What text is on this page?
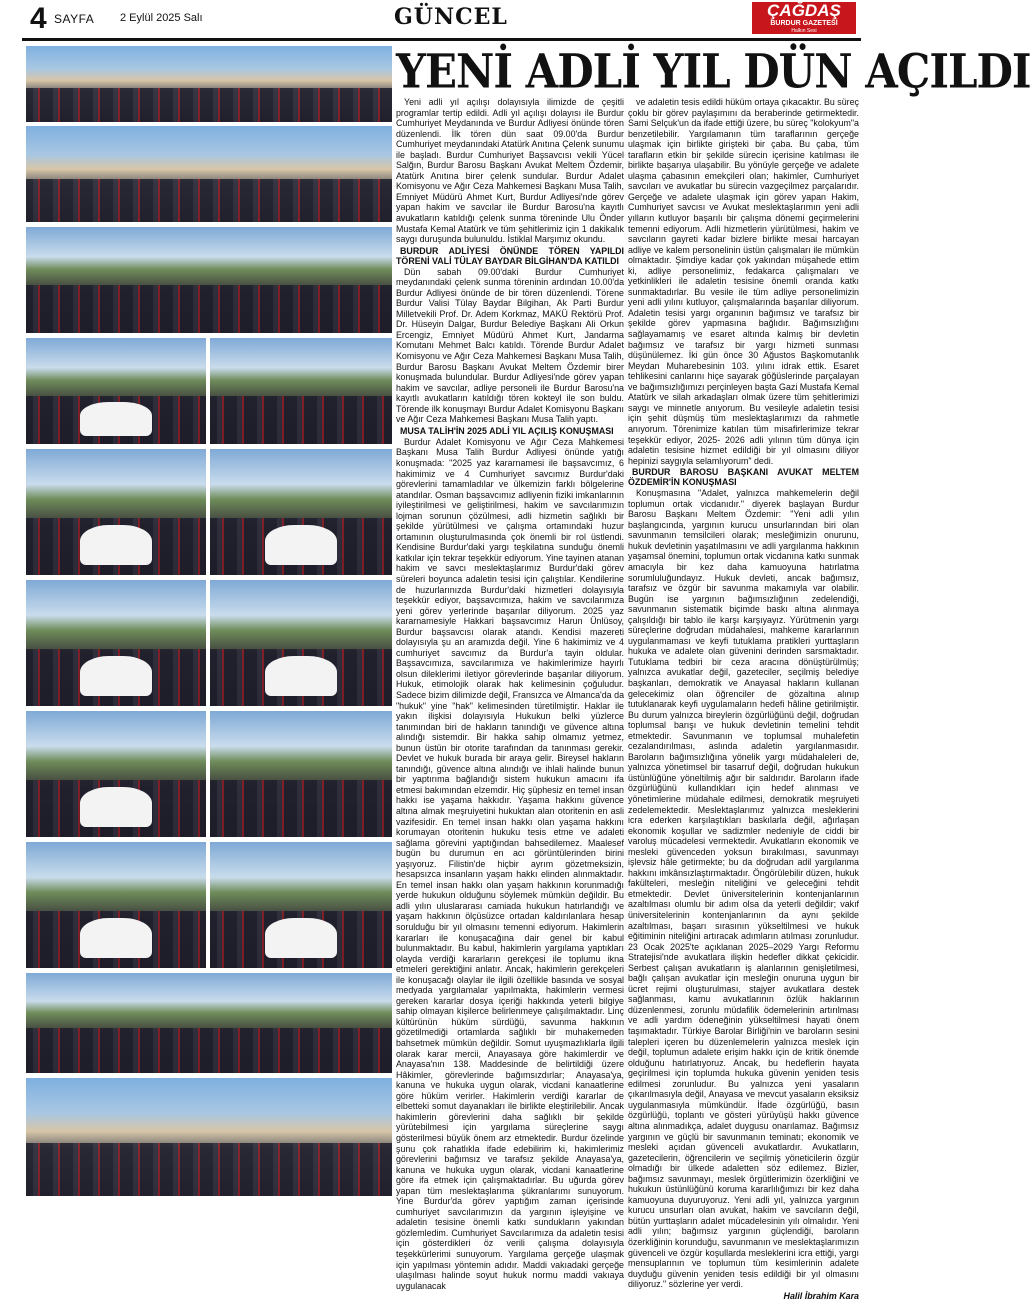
4 SAYFA 2 Eylül 2025 Salı	GÜNCEL	ÇAĞDAŞ
BURDUR GAZETESİ
Halkın Sesi
YENİ ADLİ YIL DÜN AÇILDI

Yeni adli yıl açılışı dolayısıyla ilimizde de çeşitli programlar tertip edildi. Adli yıl açılışı dolayısı ile Burdur Cumhuriyet Meydanında ve Burdur Adliyesi önünde tören düzenlendi. İlk tören dün saat 09.00'da Burdur Cumhuriyet meydanındaki Atatürk Anıtına Çelenk sunumu ile başladı. Burdur Cumhuriyet Başsavcısı vekili Yücel Salğın, Burdur Barosu Başkanı Avukat Meltem Özdemir, Atatürk Anıtına birer çelenk sundular. Burdur Adalet Komisyonu ve Ağır Ceza Mahkemesi Başkanı Musa Talih, Emniyet Müdürü Ahmet Kurt, Burdur Adliyesi'nde görev yapan hakim ve savcılar ile Burdur Barosu'na kayıtlı avukatların katıldığı çelenk sunma töreninde Ulu Önder Mustafa Kemal Atatürk ve tüm şehitlerimiz için 1 dakikalık saygı duruşunda bulunuldu. İstiklal Marşımız okundu.

BURDUR ADLİYESİ ÖNÜNDE TÖREN YAPILDI TÖRENİ VALİ TÜLAY BAYDAR BİLGİHAN'DA KATILDI

Dün sabah 09.00'daki Burdur Cumhuriyet meydanındaki çelenk sunma töreninin ardından 10.00'da Burdur Adliyesi önünde de bir tören düzenlendi. Törene Burdur Valisi Tülay Baydar Bilgihan, Ak Parti Burdur Milletvekili Prof. Dr. Adem Korkmaz, MAKÜ Rektörü Prof. Dr. Hüseyin Dalgar, Burdur Belediye Başkanı Ali Orkun Ercengiz, Emniyet Müdürü Ahmet Kurt, Jandarma Komutanı Mehmet Balcı katıldı. Törende Burdur Adalet Komisyonu ve Ağır Ceza Mahkemesi Başkanı Musa Talih, Burdur Barosu Başkanı Avukat Meltem Özdemir birer konuşmada bulundular. Burdur Adliyesi'nde görev yapan hakim ve savcılar, adliye personeli ile Burdur Barosu'na kayıtlı avukatların katıldığı tören kokteyl ile son buldu. Törende ilk konuşmayı Burdur Adalet Komisyonu Başkanı ve Ağır Ceza Mahkemesi Başkanı Musa Talih yaptı.

MUSA TALİH'İN 2025 ADLİ YIL AÇILIŞ KONUŞMASI

Burdur Adalet Komisyonu ve Ağır Ceza Mahkemesi Başkanı Musa Talih Burdur Adliyesi önünde yatığı konuşmada: "2025 yaz kararnamesi ile başsavcımız, 6 hakimimiz ve 4 Cumhuriyet savcımız Burdur'daki görevlerini tamamladılar ve ülkemizin farklı bölgelerine atandılar. Osman başsavcımız adliyenin fiziki imkanlarının iyileştirilmesi ve geliştirilmesi, hakim ve savcılarımızın lojman sorunun çözülmesi, adli hizmetin sağlıklı bir şekilde yürütülmesi ve çalışma ortamındaki huzur ortamının oluşturulmasında çok önemli bir rol üstlendi. Kendisine Burdur'daki yargı teşkilatına sunduğu önemli katkılar için tekrar teşekkür ediyorum. Yine tayinen atanan hakim ve savcı meslektaşlarımız Burdur'daki görev süreleri boyunca adaletin tesisi için çalıştılar. Kendilerine de huzurlarınızda Burdur'daki hizmetleri dolayısıyla teşekkür ediyor, başsavcımıza, hakim ve savcılarımıza yeni görev yerlerinde başarılar diliyorum. 2025 yaz kararnamesiyle Hakkari başsavcımız Harun Ünlüsoy, Burdur başsavcısı olarak atandı. Kendisi mazereti dolayısıyla şu an aramızda değil. Yine 6 hakimimiz ve 4 cumhuriyet savcımız da Burdur'a tayin oldular. Başsavcımıza, savcılarımıza ve hakimlerimize hayırlı olsun dileklerimi iletiyor görevlerinde başarılar diliyorum. Hukuk, etimolojik olarak hak kelimesinin çoğuludur. Sadece bizim dilimizde değil, Fransızca ve Almanca'da da "hukuk" yine "hak" kelimesinden türetilmiştir. Haklar ile yakın ilişkisi dolayısıyla Hukukun belki yüzlerce tanımından biri de hakların tanındığı ve güvence altına alındığı sistemdir. Bir hakka sahip olmamız yetmez, bunun üstün bir otorite tarafından da tanınması gerekir. Devlet ve hukuk burada bir araya gelir. Bireysel hakların tanındığı, güvence altına alındığı ve ihlali halinde bunun bir yaptırıma bağlandığı sistem hukukun amacını ifa etmesi bakımından elzemdir. Hiç şüphesiz en temel insan hakkı ise yaşama hakkıdır. Yaşama hakkını güvence altına almak meşruiyetini hukuktan alan otoritenin en asli vazifesidir. En temel insan hakkı olan yaşama hakkını korumayan otoritenin hukuku tesis etme ve adaleti sağlama görevini yaptığından bahsedilemez. Maalesef bugün bu durumun en acı görüntülerinden birini yaşıyoruz. Filistin'de hiçbir ayrım gözetmeksizin, hesapsızca insanların yaşam hakkı elinden alınmaktadır. En temel insan hakkı olan yaşam hakkının korunmadığı yerde hukukun olduğunu söylemek mümkün değildir. Bu adli yılın uluslararası camiada hukukun hatırlandığı ve yaşam hakkının ölçüsüzce ortadan kaldırılanlara hesap sorulduğu bir yıl olmasını temenni ediyorum. Hakimlerin kararları ile konuşacağına dair genel bir kabul bulunmaktadır. Bu kabul, hakimlerin yargılama yaptıkları olayda verdiği kararların gerekçesi ile toplumu ikna etmeleri gerektiğini anlatır. Ancak, hakimlerin gerekçeleri ile konuşacağı olaylar ile ilgili özellikle basında ve sosyal medyada yargılamalar yapılmakta, hakimlerin vermesi gereken kararlar dosya içeriği hakkında yeterli bilgiye sahip olmayan kişilerce belirlenmeye çalışılmaktadır. Linç kültürünün hüküm sürdüğü, savunma hakkının gözetilmediği ortamlarda sağlıklı bir muhakemeden bahsetmek mümkün değildir. Somut uyuşmazlıklarla ilgili olarak karar mercii, Anayasaya göre hakimlerdir ve Anayasa'nın 138. Maddesinde de belirtildiği üzere Hâkimler, görevlerinde bağımsızdırlar; Anayasa'ya, kanuna ve hukuka uygun olarak, vicdani kanaatlerine göre hüküm verirler. Hakimlerin verdiği kararlar de elbetteki somut dayanakları ile birlikte eleştirilebilir. Ancak hakimlerin görevlerini daha sağlıklı bir şekilde yürütebilmesi için yargılama süreçlerine saygı gösterilmesi büyük önem arz etmektedir. Burdur özelinde şunu çok rahatlıkla ifade edebilirim ki, hakimlerimiz görevlerini bağımsız ve tarafsız şekilde Anayasa'ya, kanuna ve hukuka uygun olarak, vicdani kanaatlerine göre ifa etmek için çalışmaktadırlar. Bu uğurda görev yapan tüm meslektaşlarıma şükranlarımı sunuyorum. Yine Burdur'da görev yaptığım zaman içerisinde cumhuriyet savcılarımızın da yargının işleyişine ve adaletin tesisine önemli katkı sundukların yakından gözlemledim. Cumhuriyet Savcılarımıza da adaletin tesisi için gösterdikleri öz verili çalışma dolayısıyla teşekkürlerimi sunuyorum. Yargılama gerçeğe ulaşmak için yapılması yöntemin adıdır. Maddi vakıadaki gerçeğe ulaşılması halinde soyut hukuk normu maddi vakıaya uygulanacak

ve adaletin tesis edildi hüküm ortaya çıkacaktır. Bu süreç çoklu bir görev paylaşımını da beraberinde getirmektedir. Sami Selçuk'un da ifade ettiği üzere, bu süreç "kolokyum"a benzetilebilir. Yargılamanın tüm taraflarının gerçeğe ulaşmak için birlikte girişteki bir çaba. Bu çaba, tüm tarafların etkin bir şekilde sürecin içerisine katılması ile birlikte başarıya ulaşabilir. Bu yönüyle gerçeğe ve adalete ulaşma çabasının emekçileri olan; hakimler, Cumhuriyet savcıları ve avukatlar bu sürecin vazgeçilmez parçalarıdır. Gerçeğe ve adalete ulaşmak için görev yapan Hakim, Cumhuriyet savcısı ve Avukat meslektaşlarımın yeni adli yılların kutluyor başarılı bir çalışma dönemi geçirmelerini temenni ediyorum. Adli hizmetlerin yürütülmesi, hakim ve savcıların gayreti kadar bizlere birlikte mesai harcayan adliye ve kalem personelinin üstün çalışmaları ile mümkün olmaktadır. Şimdiye kadar çok yakından müşahede ettim ki, adliye personelimiz, fedakarca çalışmaları ve yetkinlikleri ile adaletin tesisine önemli oranda katkı sunmaktadırlar. Bu vesile ile tüm adliye personelimizin yeni adli yılını kutluyor, çalışmalarında başarılar diliyorum. Adaletin tesisi yargı organının bağımsız ve tarafsız bir şekilde görev yapmasına bağlıdır. Bağımsızlığını sağlayamamış ve esaret altında kalmış bir devletin bağımsız ve tarafsız bir yargı hizmeti sunması düşünülemez. İki gün önce 30 Ağustos Başkomutanlık Meydan Muharebesinin 103. yılını idrak ettik. Esaret tehlikesini canlarını hiçe sayarak göğüslerinde parçalayan ve bağımsızlığımızı perçinleyen başta Gazi Mustafa Kemal Atatürk ve silah arkadaşları olmak üzere tüm şehitlerimizi saygı ve minnetle anıyorum. Bu vesileyle adaletin tesisi için şehit düşmüş tüm meslektaşlarımızı da rahmetle anıyorum. Törenimize katılan tüm misafirlerimize tekrar teşekkür ediyor, 2025- 2026 adli yılının tüm dünya için adaletin tesisine hizmet edildiği bir yıl olmasını diliyor hepinizi saygıyla selamlıyorum" dedi.

BURDUR BAROSU BAŞKANI AVUKAT MELTEM ÖZDEMİR'İN KONUŞMASI

Konuşmasına "Adalet, yalnızca mahkemelerin değil toplumun ortak vicdanıdır." diyerek başlayan Burdur Barosu Başkanı Meltem Özdemir: "Yeni adli yılın başlangıcında, yargının kurucu unsurlarından biri olan savunmanın temsilcileri olarak; mesleğimizin onurunu, hukuk devletinin yaşatılmasını ve adli yargılanma hakkının yaşamsal önemini, toplumun ortak vicdanına katkı sunmak amacıyla bir kez daha kamuoyuna hatırlatma sorumluluğundayız. Hukuk devleti, ancak bağımsız, tarafsız ve özgür bir savunma makamıyla var olabilir. Bugün ise yargının bağımsızlığının zedelendiği, savunmanın sistematik biçimde baskı altına alınmaya çalışıldığı bir tablo ile karşı karşıyayız. Yürütmenin yargı süreçlerine doğrudan müdahalesi, mahkeme kararlarının uygulanmaması ve keyfi tutuklama pratikleri yurttaşların hukuka ve adalete olan güvenini derinden sarsmaktadır. Tutuklama tedbiri bir ceza aracına dönüştürülmüş; yalnızca avukatlar değil, gazeteciler, seçilmiş belediye başkanları, demokratik ve Anayasal hakların kullanan gelecekimiz olan öğrenciler de gözaltına alınıp tutuklanarak keyfi uygulamaların hedefi hâline getirilmiştir. Bu durum yalnızca bireylerin özgürlüğünü değil, doğrudan toplumsal barışı ve hukuk devletinin temelini tehdit etmektedir. Savunmanın ve toplumsal muhalefetin cezalandırılması, aslında adaletin yargılanmasıdır. Baroların bağımsızlığına yönelik yargı müdahaleleri de, yalnızca yönetimsel bir tasarruf değil, doğrudan hukukun üstünlüğüne yöneltilmiş ağır bir saldırıdır. Baroların ifade özgürlüğünü kullandıkları için hedef alınması ve yönetimlerine müdahale edilmesi, demokratik meşruiyeti zedelemektedir. Meslektaşlarımız yalnızca mesleklerini icra ederken karşılaştıkları baskılarla değil, ağırlaşan ekonomik koşullar ve sadizmler nedeniyle de ciddi bir varoluş mücadelesi vermektedir. Avukatların ekonomik ve mesleki güvenceden yoksun bırakılması, savunmayı işlevsiz hâle getirmekte; bu da doğrudan adil yargılanma hakkını imkânsızlaştırmaktadır. Öngörülebilir düzen, hukuk fakülteleri, mesleğin niteliğini ve geleceğini tehdit etmektedir. Devlet üniversitelerinin kontenjanlarının azaltılması olumlu bir adım olsa da yeterli değildir; vakıf üniversitelerinin kontenjanlarının da aynı şekilde azaltılması, başarı sırasının yükseltilmesi ve hukuk eğitiminin niteliğini artıracak adımların atılması zorunludur. 23 Ocak 2025'te açıklanan 2025–2029 Yargı Reformu Stratejisi'nde avukatlara ilişkin hedefler dikkat çekicidir. Serbest çalışan avukatların iş alanlarının genişletilmesi, bağlı çalışan avukatlar için mesleğin onuruna uygun bir ücret rejimi oluşturulması, stajyer avukatlara destek sağlanması, kamu avukatlarının özlük haklarının düzenlenmesi, zorunlu müdafilik ödemelerinin artırılması ve adli yardım ödeneğinin yükseltilmesi hayati önem taşımaktadır. Türkiye Barolar Birliği'nin ve baroların sesini talepleri içeren bu düzenlemelerin yalnızca meslek için değil, toplumun adalete erişim hakkı için de kritik önemde olduğunu hatırlatıyoruz. Ancak, bu hedeflerin hayata geçirilmesi için toplumda hukuka güvenin yeniden tesis edilmesi zorunludur. Bu yalnızca yeni yasaların çıkarılmasıyla değil, Anayasa ve mevcut yasaların eksiksiz uygulanmasıyla mümkündür. İfade özgürlüğü, basın özgürlüğü, toplantı ve gösteri yürüyüşü hakkı güvence altına alınmadıkça, adalet duygusu onarılamaz. Bağımsız yargının ve güçlü bir savunmanın teminatı; ekonomik ve mesleki açıdan güvenceli avukatlardır. Avukatların, gazetecilerin, öğrencilerin ve seçilmiş yöneticilerin özgür olmadığı bir ülkede adaletten söz edilemez. Bizler, bağımsız savunmayı, meslek örgütlerimizin özerkliğini ve hukukun üstünlüğünü koruma kararlılığımızı bir kez daha kamuoyuna duyuruyoruz. Yeni adli yıl, yalnızca yargının kurucu unsurları olan avukat, hakim ve savcıların değil, bütün yurttaşların adalet mücadelesinin yılı olmalıdır. Yeni adli yılın; bağımsız yargının güçlendiği, baroların özerkliğinin korunduğu, savunmanın ve meslektaşlarımızın güvenceli ve özgür koşullarda mesleklerini icra ettiği, yargı mensuplarının ve toplumun tüm kesimlerinin adalete duyduğu güvenin yeniden tesis edildiği bir yıl olmasını diliyoruz." sözlerine yer verdi.

Halil İbrahim Kara
